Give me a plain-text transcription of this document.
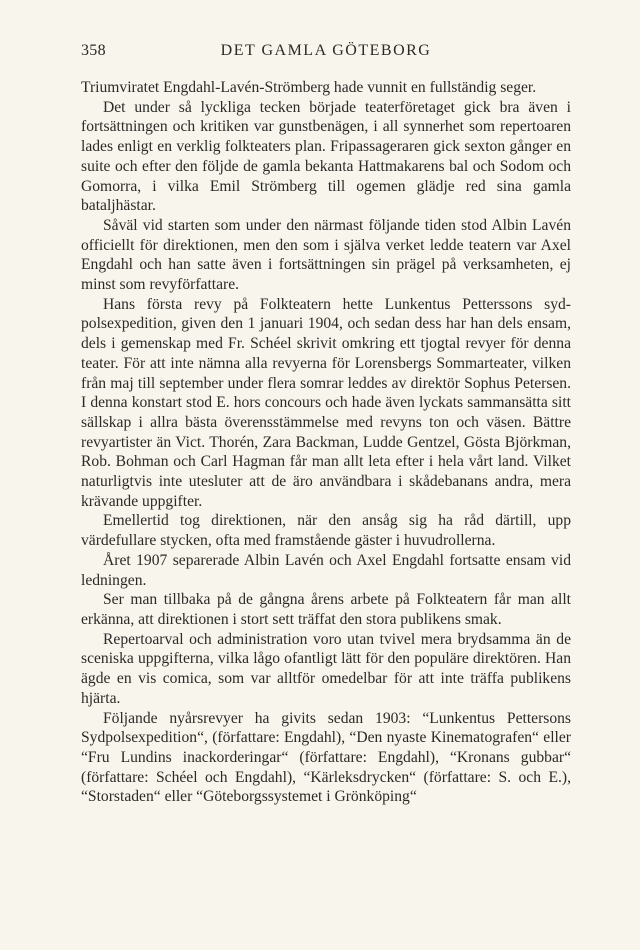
358	DET GAMLA GÖTEBORG

Triumviratet Engdahl-Lavén-Strömberg hade vunnit en fullständig seger.

Det under så lyckliga tecken började teaterföretaget gick bra även i fortsättningen och kritiken var gunstbenägen, i all synnerhet som repertoaren lades enligt en verklig folkteaters plan. Fripassageraren gick sexton gånger en suite och efter den följde de gamla bekanta Hattmakarens bal och Sodom och Gomorra, i vilka Emil Strömberg till ogemen glädje red sina gamla bataljhästar.

Såväl vid starten som under den närmast följande tiden stod Albin Lavén officiellt för direktionen, men den som i själva verket ledde teatern var Axel Engdahl och han satte även i fortsättningen sin prägel på verksamheten, ej minst som revyförfattare.

Hans första revy på Folkteatern hette Lunkentus Petterssons sydpolsexpedition, given den 1 januari 1904, och sedan dess har han dels ensam, dels i gemenskap med Fr. Schéel skrivit omkring ett tjogtal revyer för denna teater. För att inte nämna alla revyerna för Lorensbergs Sommarteater, vilken från maj till september under flera somrar leddes av direktör Sophus Petersen. I denna konstart stod E. hors concours och hade även lyckats sammansätta sitt sällskap i allra bästa överensstämmelse med revyns ton och väsen. Bättre revyartister än Vict. Thorén, Zara Backman, Ludde Gentzel, Gösta Björkman, Rob. Bohman och Carl Hagman får man allt leta efter i hela vårt land. Vilket naturligtvis inte utesluter att de äro användbara i skådebanans andra, mera krävande uppgifter.

Emellertid tog direktionen, när den ansåg sig ha råd därtill, upp värdefullare stycken, ofta med framstående gäster i huvudrollerna.

Året 1907 separerade Albin Lavén och Axel Engdahl fortsatte ensam vid ledningen.

Ser man tillbaka på de gångna årens arbete på Folkteatern får man allt erkänna, att direktionen i stort sett träffat den stora publikens smak.

Repertoarval och administration voro utan tvivel mera brydsamma än de sceniska uppgifterna, vilka lågo ofantligt lätt för den populäre direktören. Han ägde en vis comica, som var alltför omedelbar för att inte träffa publikens hjärta.

Följande nyårsrevyer ha givits sedan 1903: “Lunkentus Pettersons Sydpolsexpedition“, (författare: Engdahl), “Den nyaste Kinematografen“ eller “Fru Lundins inackorderingar“ (författare: Engdahl), “Kronans gubbar“ (författare: Schéel och Engdahl), “Kärleksdrycken“ (författare: S. och E.), “Storstaden“ eller “Göteborgssystemet i Grönköping“
